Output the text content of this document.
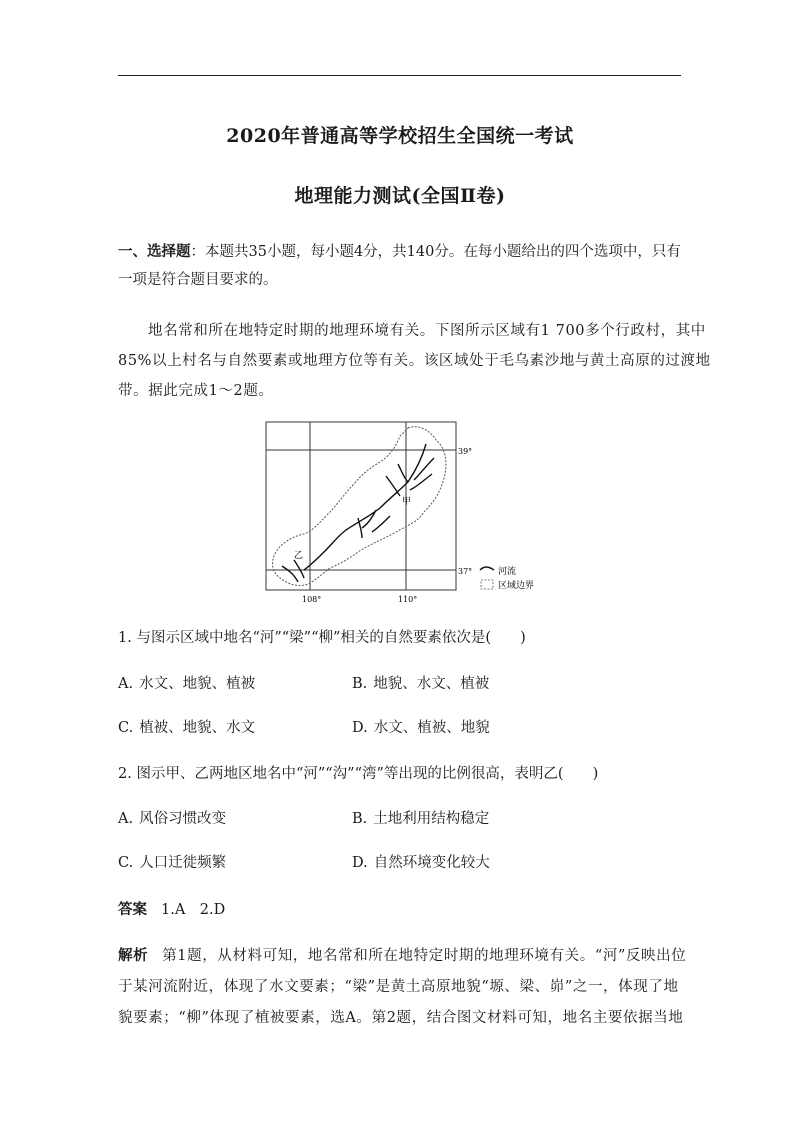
2020年普通高等学校招生全国统一考试
地理能力测试(全国Ⅱ卷)
一、选择题：本题共35小题，每小题4分，共140分。在每小题给出的四个选项中，只有
一项是符合题目要求的。
地名常和所在地特定时期的地理环境有关。下图所示区域有1 700多个行政村，其中
85%以上村名与自然要素或地理方位等有关。该区域处于毛乌素沙地与黄土高原的过渡地
带。据此完成1～2题。
甲
乙
39°
37°
108°	110°
河流
区域边界
1. 与图示区域中地名“河”“梁”“柳”相关的自然要素依次是(　　)
A. 水文、地貌、植被	B. 地貌、水文、植被
C. 植被、地貌、水文	D. 水文、植被、地貌
2. 图示甲、乙两地区地名中“河”“沟”“湾”等出现的比例很高，表明乙(　　)
A. 风俗习惯改变	B. 土地利用结构稳定
C. 人口迁徙频繁	D. 自然环境变化较大
答案 1.A　2.D
解析 第1题，从材料可知，地名常和所在地特定时期的地理环境有关。“河”反映出位
于某河流附近，体现了水文要素；“梁”是黄土高原地貌“塬、梁、峁”之一，体现了地
貌要素；“柳”体现了植被要素，选A。第2题，结合图文材料可知，地名主要依据当地
